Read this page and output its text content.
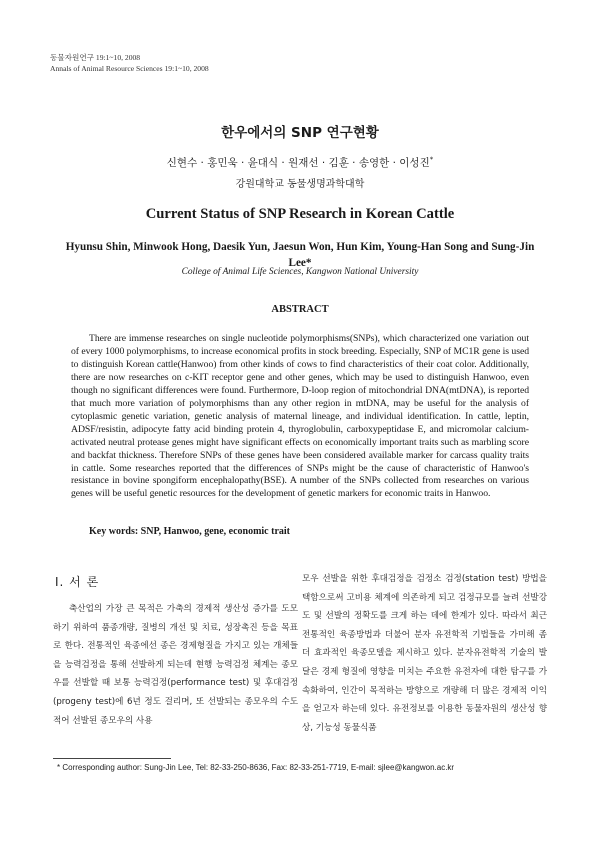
동물자원연구 19:1~10, 2008
Annals of Animal Resource Sciences 19:1~10, 2008
한우에서의 SNP 연구현황
신현수 · 홍민욱 · 윤대식 · 원재선 · 김훈 · 송영한 · 이성진*
강원대학교 동물생명과학대학
Current Status of SNP Research in Korean Cattle
Hyunsu Shin, Minwook Hong, Daesik Yun, Jaesun Won, Hun Kim, Young-Han Song and Sung-Jin Lee*
College of Animal Life Sciences, Kangwon National University
ABSTRACT

There are immense researches on single nucleotide polymorphisms(SNPs), which characterized one variation out of every 1000 polymorphisms, to increase economical profits in stock breeding. Especially, SNP of MC1R gene is used to distinguish Korean cattle(Hanwoo) from other kinds of cows to find characteristics of their coat color. Additionally, there are now researches on c-KIT receptor gene and other genes, which may be used to distinguish Hanwoo, even though no significant differences were found. Furthermore, D-loop region of mitochondrial DNA(mtDNA), is reported that much more variation of polymorphisms than any other region in mtDNA, may be useful for the analysis of cytoplasmic genetic variation, genetic analysis of maternal lineage, and individual identification. In cattle, leptin, ADSF/resistin, adipocyte fatty acid binding protein 4, thyroglobulin, carboxypeptidase E, and micromolar calcium-activated neutral protease genes might have significant effects on economically important traits such as marbling score and backfat thickness. Therefore SNPs of these genes have been considered available marker for carcass quality traits in cattle. Some researches reported that the differences of SNPs might be the cause of characteristic of Hanwoo's resistance in bovine spongiform encephalopathy(BSE). A number of the SNPs collected from researches on various genes will be useful genetic resources for the development of genetic markers for economic traits in Hanwoo.

Key words: SNP, Hanwoo, gene, economic trait
Ⅰ. 서 론

축산업의 가장 큰 목적은 가축의 경제적 생산성 증가를 도모하기 위하여 품종개량, 질병의 개선 및 치료, 성장촉진 등을 목표로 한다. 전통적인 육종에선 종은 경제형질을 가지고 있는 개체들을 능력검정을 통해 선발하게 되는데 현행 능력검정 체계는 종모우를 선발할 때 보통 능력검정(performance test) 및 후대검정(progeny test)에 6년 정도 걸리며, 또 선발되는 종모우의 수도 적어 선발된 종모우의 사용

모우 선발을 위한 후대검정을 검정소 검정(station test) 방법을 택함으로써 고비용 체계에 의존하게 되고 검정규모를 늘려 선발강도 및 선발의 정확도를 크게 하는 데에 한계가 있다. 따라서 최근 전통적인 육종방법과 더불어 분자 유전학적 기법들을 가미해 좀 더 효과적인 육종모델을 제시하고 있다. 분자유전학적 기술의 발달은 경제 형질에 영향을 미치는 주요한 유전자에 대한 탐구를 가속화하여, 인간이 목적하는 방향으로 개량해 더 많은 경제적 이익을 얻고자 하는데 있다. 유전정보를 이용한 동물자원의 생산성 향상, 기능성 동물식품

* Corresponding author: Sung-Jin Lee, Tel: 82-33-250-8636, Fax: 82-33-251-7719, E-mail: sjlee@kangwon.ac.kr
